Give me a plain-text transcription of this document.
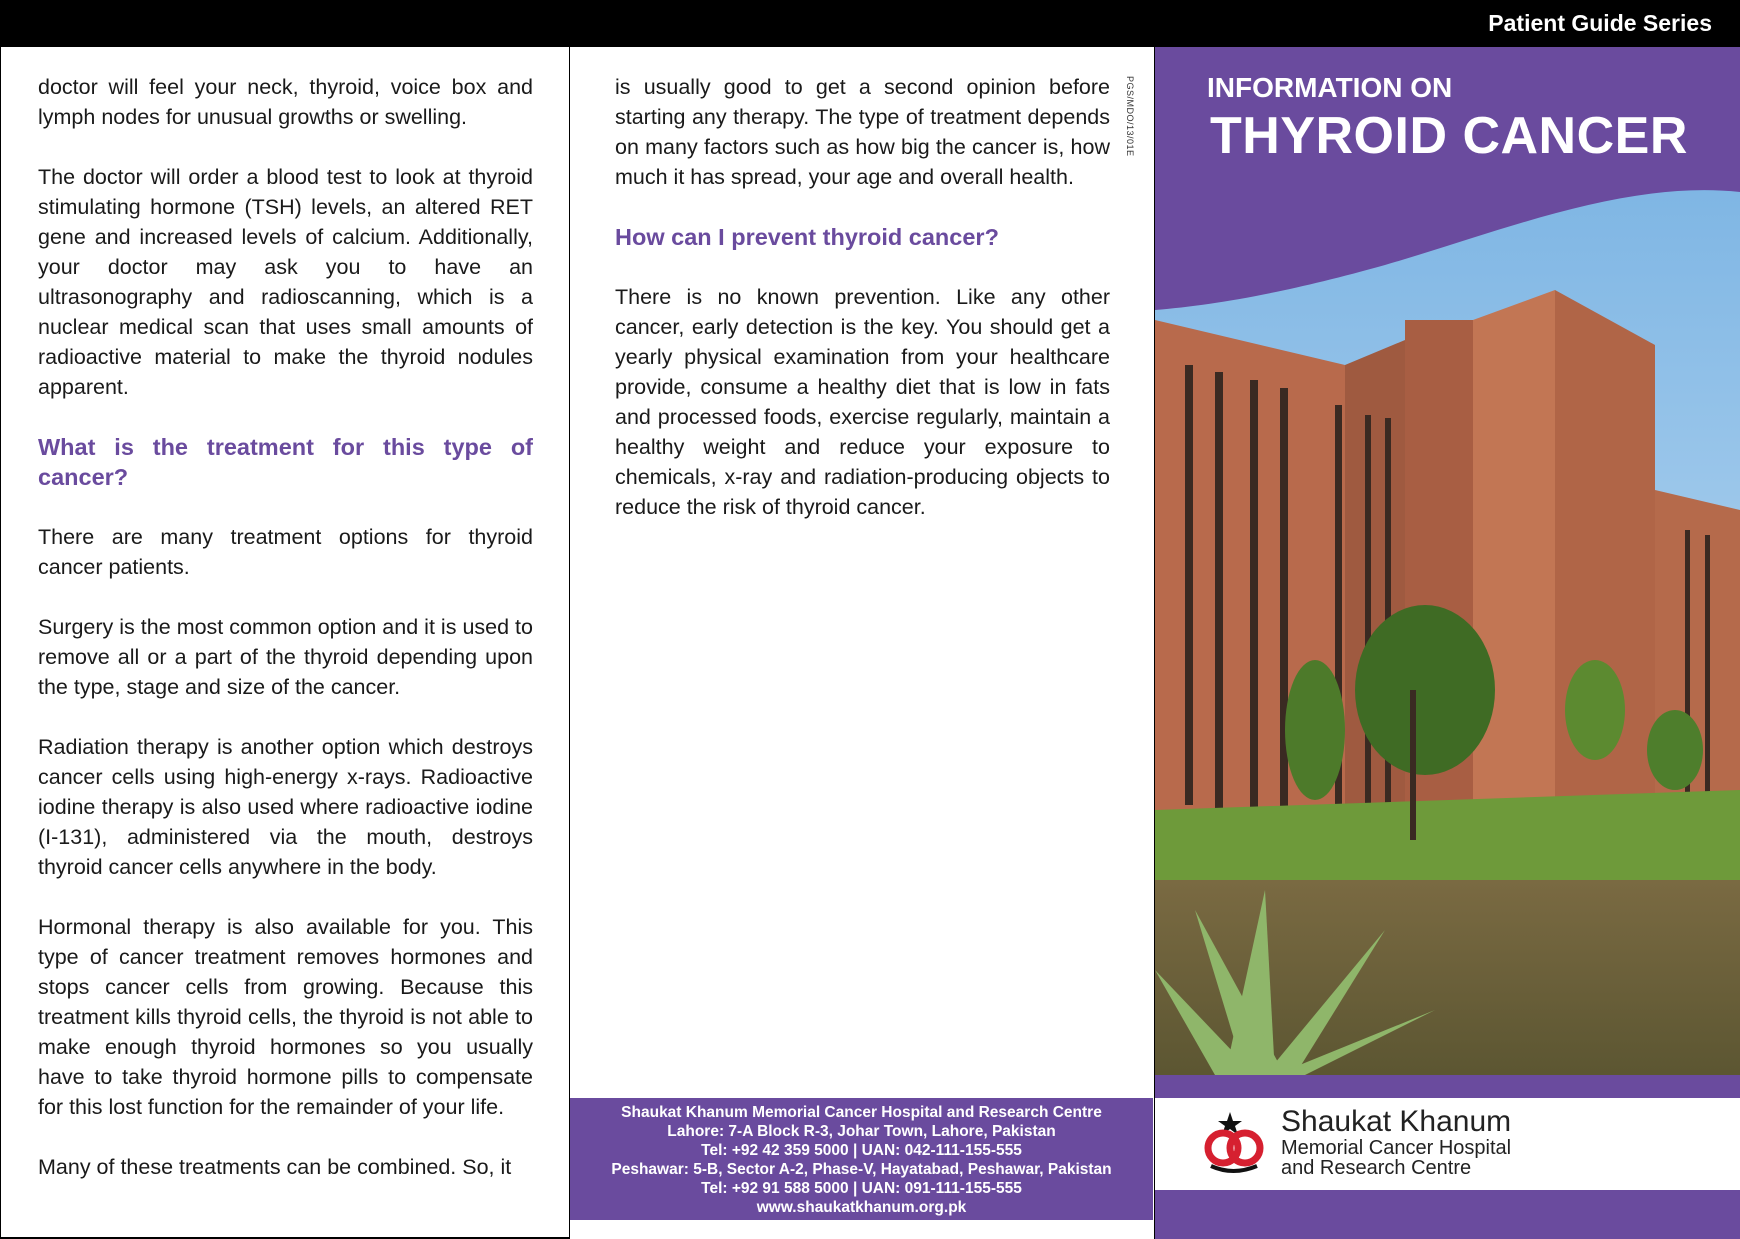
doctor will feel your neck, thyroid, voice box and lymph nodes for unusual growths or swelling.

The doctor will order a blood test to look at thyroid stimulating hormone (TSH) levels, an altered RET gene and increased levels of calcium. Additionally, your doctor may ask you to have an ultrasonography and radioscanning, which is a nuclear medical scan that uses small amounts of radioactive material to make the thyroid nodules apparent.

What is the treatment for this type of cancer?

There are many treatment options for thyroid cancer patients.

Surgery is the most common option and it is used to remove all or a part of the thyroid depending upon the type, stage and size of the cancer.

Radiation therapy is another option which destroys cancer cells using high-energy x-rays. Radioactive iodine therapy is also used where radioactive iodine (I-131), administered via the mouth, destroys thyroid cancer cells anywhere in the body.

Hormonal therapy is also available for you. This type of cancer treatment removes hormones and stops cancer cells from growing. Because this treatment kills thyroid cells, the thyroid is not able to make enough thyroid hormones so you usually have to take thyroid hormone pills to compensate for this lost function for the remainder of your life.

Many of these treatments can be combined. So, it

is usually good to get a second opinion before starting any therapy. The type of treatment depends on many factors such as how big the cancer is, how much it has spread, your age and overall health.

How can I prevent thyroid cancer?

There is no known prevention. Like any other cancer, early detection is the key. You should get a yearly physical examination from your healthcare provide, consume a healthy diet that is low in fats and processed foods, exercise regularly, maintain a healthy weight and reduce your exposure to chemicals, x-ray and radiation-producing objects to reduce the risk of thyroid cancer.

PGS/MDO/13/01E
Shaukat Khanum Memorial Cancer Hospital and Research Centre
Lahore: 7-A Block R-3, Johar Town, Lahore, Pakistan
Tel: +92 42 359 5000 | UAN: 042-111-155-555
Peshawar: 5-B, Sector A-2, Phase-V, Hayatabad, Peshawar, Pakistan
Tel: +92 91 588 5000 | UAN: 091-111-155-555
www.shaukatkhanum.org.pk
Patient Guide Series
INFORMATION ON
THYROID CANCER
Shaukat Khanum
Memorial Cancer Hospital
and Research Centre
